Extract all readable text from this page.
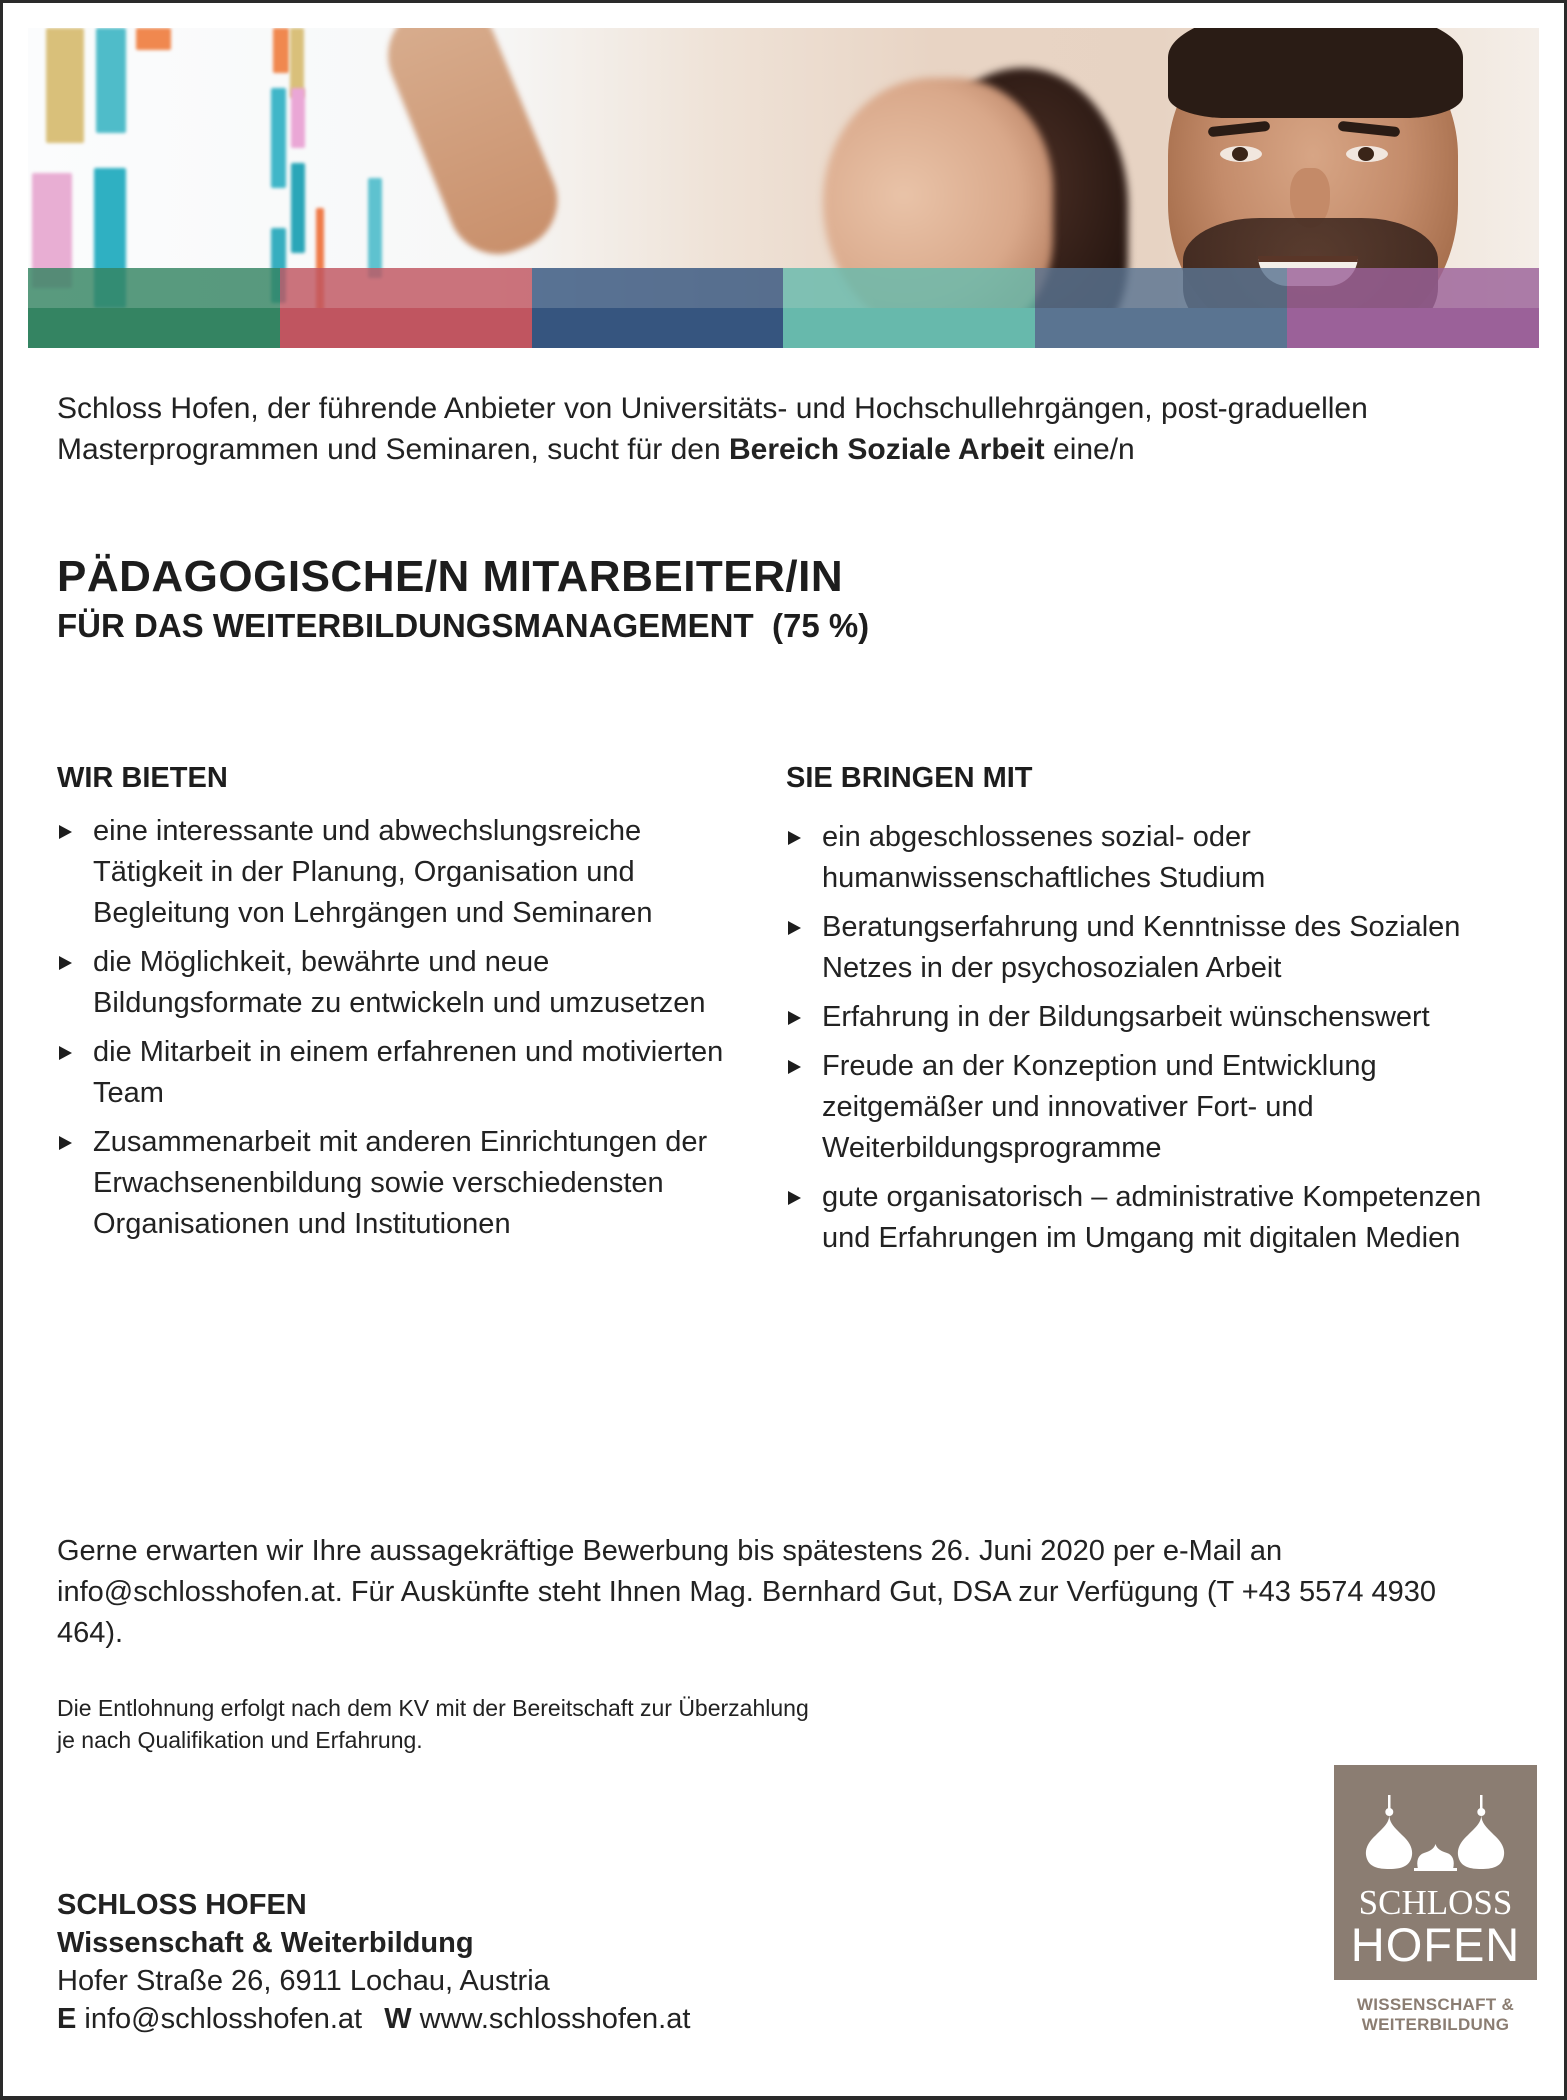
Schloss Hofen, der führende Anbieter von Universitäts- und Hochschullehrgängen, post-graduellen Masterprogrammen und Seminaren, sucht für den Bereich Soziale Arbeit eine/n

PÄDAGOGISCHE/N MITARBEITER/IN
FÜR DAS WEITERBILDUNGSMANAGEMENT  (75 %)
WIR BIETEN
eine interessante und abwechslungsreiche Tätigkeit in der Planung, Organisation und Begleitung von Lehrgängen und Seminaren
die Möglichkeit, bewährte und neue Bildungsformate zu entwickeln und umzusetzen
die Mitarbeit in einem erfahrenen und motivierten Team
Zusammenarbeit mit anderen Einrichtungen der Erwachsenenbildung sowie verschiedensten Organisationen und Institutionen
SIE BRINGEN MIT
ein abgeschlossenes sozial- oder humanwissenschaftliches Studium
Beratungserfahrung und Kenntnisse des Sozialen Netzes in der psychosozialen Arbeit
Erfahrung in der Bildungsarbeit wünschenswert
Freude an der Konzeption und Entwicklung zeitgemäßer und innovativer Fort- und Weiterbildungsprogramme
gute organisatorisch – administrative Kompetenzen und Erfahrungen im Umgang mit digitalen Medien

Gerne erwarten wir Ihre aussagekräftige Bewerbung bis spätestens 26. Juni 2020 per e-Mail an info@schlosshofen.at. Für Auskünfte steht Ihnen Mag. Bernhard Gut, DSA zur Verfügung (T +43 5574 4930 464).

Die Entlohnung erfolgt nach dem KV mit der Bereitschaft zur Überzahlung
je nach Qualifikation und Erfahrung.
SCHLOSS HOFEN
Wissenschaft & Weiterbildung
Hofer Straße 26, 6911 Lochau, Austria
E info@schlosshofen.at W www.schlosshofen.at
SCHLOSS
HOFEN
WISSENSCHAFT &
WEITERBILDUNG
